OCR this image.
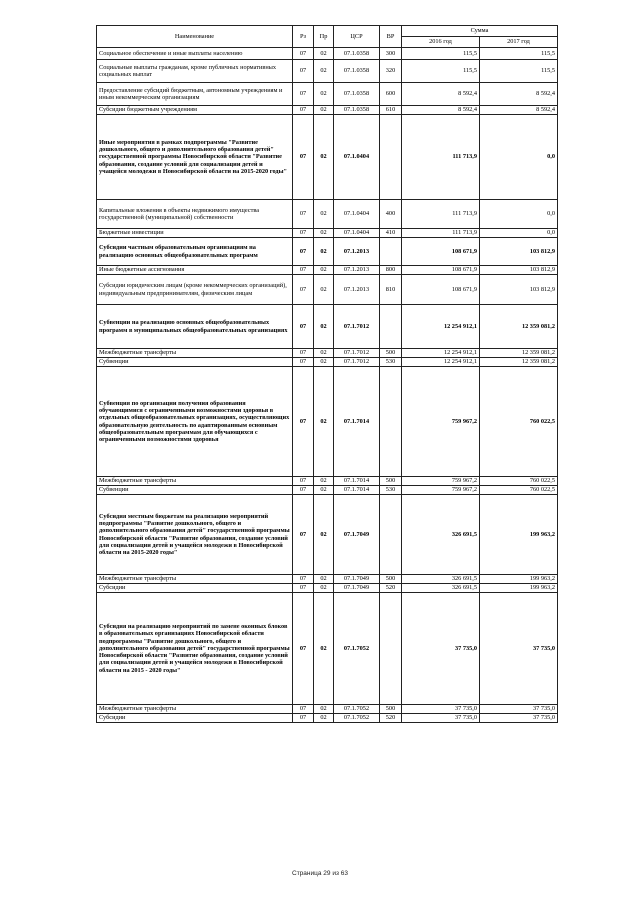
Наименование	Рз	Пр	ЦСР	ВР	Сумма	
					2016 год	2017 год
Социальное обеспечение и иные выплаты населению	07	02	07.1.0358	300	115,5	115,5
Социальные выплаты гражданам, кроме публичных нормативных социальных выплат	07	02	07.1.0358	320	115,5	115,5
Предоставление субсидий бюджетным, автономным учреждениям и иным некоммерческим организациям	07	02	07.1.0358	600	8 592,4	8 592,4
Субсидии бюджетным учреждениям	07	02	07.1.0358	610	8 592,4	8 592,4
Иные мероприятия в рамках подпрограммы "Развитие дошкольного, общего и дополнительного образования детей" государственной программы Новосибирской области "Развитие образования, создание условий для социализации детей и учащейся молодежи в Новосибирской области на 2015-2020 годы"	07	02	07.1.0404		111 713,9	0,0
Капитальные вложения в объекты недвижимого имущества государственной (муниципальной) собственности	07	02	07.1.0404	400	111 713,9	0,0
Бюджетные инвестиции	07	02	07.1.0404	410	111 713,9	0,0
Субсидии частным образовательным организациям на реализацию основных общеобразовательных программ	07	02	07.1.2013		108 671,9	103 812,9
Иные бюджетные ассигнования	07	02	07.1.2013	800	108 671,9	103 812,9
Субсидии юридическим лицам (кроме некоммерческих организаций), индивидуальным предпринимателям, физическим лицам	07	02	07.1.2013	810	108 671,9	103 812,9
Субвенции на реализацию основных общеобразовательных программ в муниципальных общеобразовательных организациях	07	02	07.1.7012		12 254 912,1	12 359 081,2
Межбюджетные трансферты	07	02	07.1.7012	500	12 254 912,1	12 359 081,2
Субвенции	07	02	07.1.7012	530	12 254 912,1	12 359 081,2
Субвенция по организации получения образования обучающимися с ограниченными возможностями здоровья в отдельных общеобразовательных организациях, осуществляющих образовательную деятельность по адаптированным основным общеобразовательным программам для обучающихся с ограниченными возможностями здоровья	07	02	07.1.7014		759 967,2	760 022,5
Межбюджетные трансферты	07	02	07.1.7014	500	759 967,2	760 022,5
Субвенции	07	02	07.1.7014	530	759 967,2	760 022,5
Субсидия местным бюджетам на реализацию мероприятий подпрограммы "Развитие дошкольного, общего и дополнительного образования детей" государственной программы Новосибирской области "Развитие образования, создание условий для социализации детей и учащейся молодежи в Новосибирской области на 2015-2020 годы"	07	02	07.1.7049		326 691,5	199 963,2
Межбюджетные трансферты	07	02	07.1.7049	500	326 691,5	199 963,2
Субсидии	07	02	07.1.7049	520	326 691,5	199 963,2
Субсидия на реализацию мероприятий по замене оконных блоков в образовательных организациях Новосибирской области подпрограммы "Развитие дошкольного, общего и дополнительного образования детей" государственной программы Новосибирской области "Развитие образования, создание условий для социализации детей и учащейся молодежи в Новосибирской области на 2015 - 2020 годы"	07	02	07.1.7052		37 735,0	37 735,0
Межбюджетные трансферты	07	02	07.1.7052	500	37 735,0	37 735,0
Субсидии	07	02	07.1.7052	520	37 735,0	37 735,0
Страница 29 из 63
